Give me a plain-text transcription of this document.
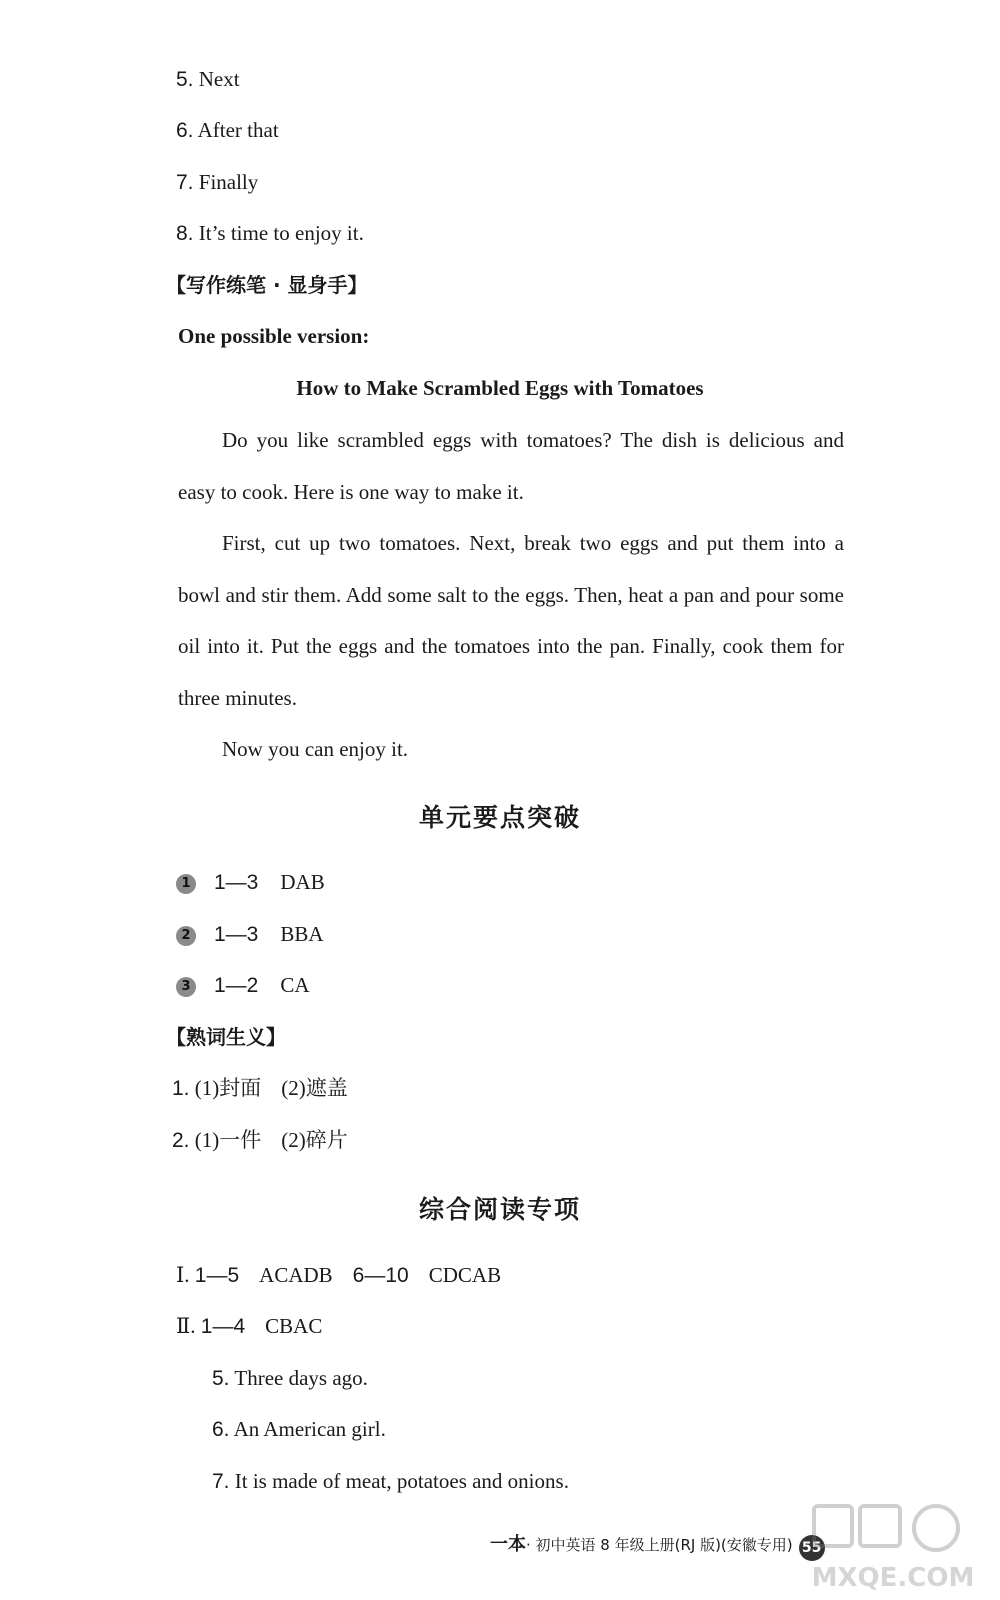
5. Next
6. After that
7. Finally
8. It’s time to enjoy it.
【写作练笔 · 显身手】
One possible version:
How to Make Scrambled Eggs with Tomatoes
Do you like scrambled eggs with tomatoes? The dish is delicious and easy to cook. Here is one way to make it.
First, cut up two tomatoes. Next, break two eggs and put them into a bowl and stir them. Add some salt to the eggs. Then, heat a pan and pour some oil into it. Put the eggs and the tomatoes into the pan. Finally, cook them for three minutes.
Now you can enjoy it.
单元要点突破
1 1—3 DAB
2 1—3 BBA
3 1—2 CA
【熟词生义】
1. (1)封面 (2)遮盖
2. (1)一件 (2)碎片
综合阅读专项
Ⅰ. 1—5 ACADB 6—10 CDCAB
Ⅱ. 1—4 CBAC
5. Three days ago.
6. An American girl.
7. It is made of meat, potatoes and onions.
一本· 初中英语 8 年级上册(RJ 版)(安徽专用) 55
MXQE.COM
